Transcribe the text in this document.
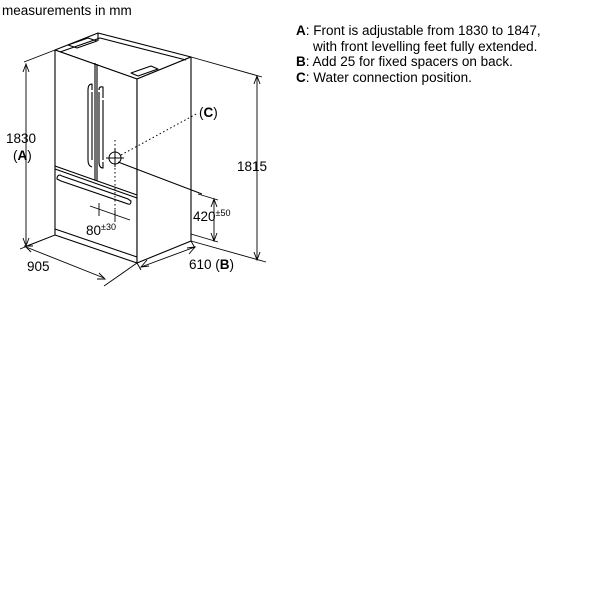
measurements in mm
1830
(A)
1815
905	610 (B)
$420^{\pm 50}$
$80^{\pm 30}$
(C)
A: Front is adjustable from 1830 to 1847,
with front levelling feet fully extended.
B: Add 25 for fixed spacers on back.
C: Water connection position.
